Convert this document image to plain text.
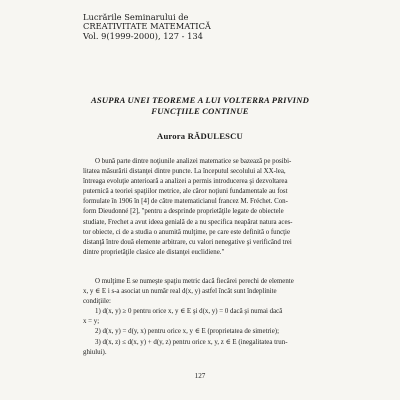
Lucrările Seminarului de
CREATIVITATE MATEMATICĂ
Vol. 9(1999-2000), 127 - 134
ASUPRA UNEI TEOREME A LUI VOLTERRA PRIVIND
FUNCŢIILE CONTINUE
Aurora RĂDULESCU
O bună parte dintre noţiunile analizei matematice se bazează pe posibi-
litatea măsurării distanţei dintre puncte. La începutul secolului al XX-lea,
întreaga evoluţie anterioară a analizei a permis introducerea şi dezvoltarea
puternică a teoriei spaţiilor metrice, ale căror noţiuni fundamentale au fost
formulate în 1906 în [4] de către matematicianul francez M. Fréchet. Con-
form Dieudonné [2], "pentru a desprinde proprietăţile legate de obiectele
studiate, Frechet a avut ideea genială de a nu specifica neapărat natura aces-
tor obiecte, ci de a studia o anumită mulţime, pe care este definită o funcţie
distanţă între două elemente arbitrare, cu valori nenegative şi verificând trei
dintre proprietăţile clasice ale distanţei euclidiene."
O mulţime E se numeşte spaţiu metric dacă fiecărei perechi de elemente
x, y ∈ E i s-a asociat un număr real d(x, y) astfel încât sunt îndeplinite
condiţiile:
1) d(x, y) ≥ 0 pentru orice x, y ∈ E şi d(x, y) = 0 dacă şi numai dacă
x = y;
2) d(x, y) = d(y, x) pentru orice x, y ∈ E (proprietatea de simetrie);
3) d(x, z) ≤ d(x, y) + d(y, z) pentru orice x, y, z ∈ E (inegalitatea trun-
ghiului).
127
